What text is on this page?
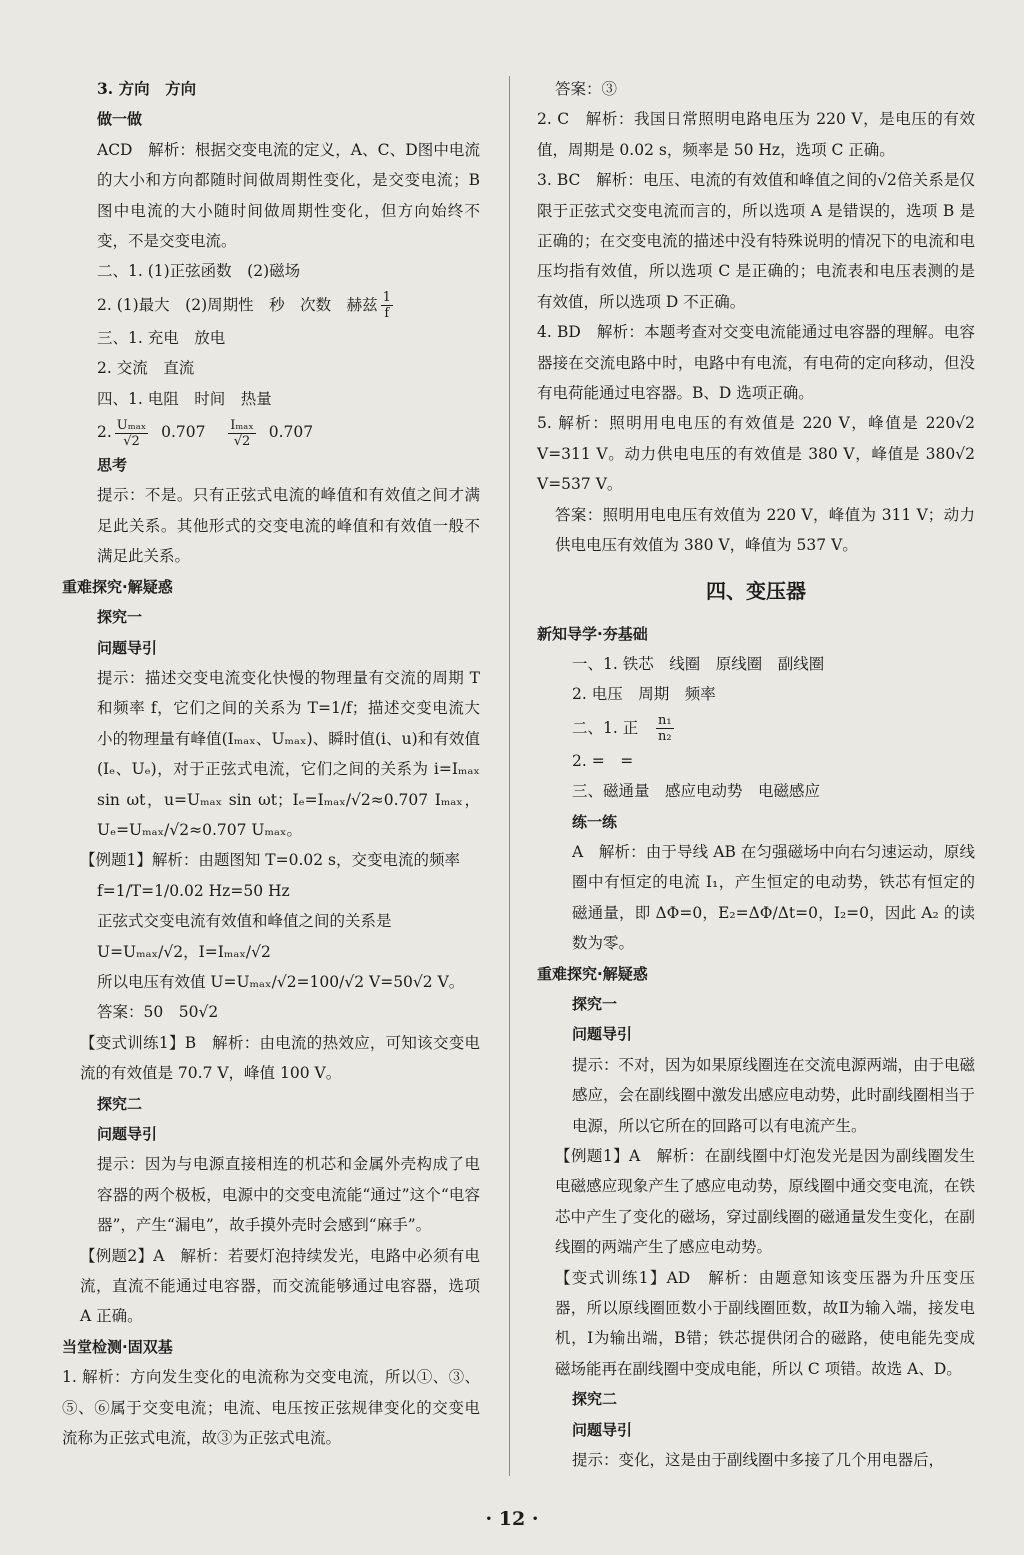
3. 方向　方向

做一做

ACD　解析：根据交变电流的定义，A、C、D图中电流的大小和方向都随时间做周期性变化，是交变电流；B图中电流的大小随时间做周期性变化，但方向始终不变，不是交变电流。

二、1. (1)正弦函数　(2)磁场

2. (1)最大　(2)周期性　秒　次数　赫兹 $\frac{1}{f}$

三、1. 充电　放电

2. 交流　直流

四、1. 电阻　时间　热量

2. $\frac{\text{Uₘₐₓ}}{√2} 0.707 \frac{\text{Iₘₐₓ}}{√2} 0.707$

思考

提示：不是。只有正弦式电流的峰值和有效值之间才满足此关系。其他形式的交变电流的峰值和有效值一般不满足此关系。

重难探究·解疑惑

探究一

问题导引

提示：描述交变电流变化快慢的物理量有交流的周期 T 和频率 f，它们之间的关系为 T=1/f；描述交变电流大小的物理量有峰值(Iₘₐₓ、Uₘₐₓ)、瞬时值(i、u)和有效值(Iₑ、Uₑ)，对于正弦式电流，它们之间的关系为 i=Iₘₐₓ sin ωt，u=Uₘₐₓ sin ωt；Iₑ=Iₘₐₓ/√2≈0.707 Iₘₐₓ，Uₑ=Uₘₐₓ/√2≈0.707 Uₘₐₓ。

【例题1】解析：由题图知 T=0.02 s，交变电流的频率

f=1/T=1/0.02 Hz=50 Hz

正弦式交变电流有效值和峰值之间的关系是

U=Uₘₐₓ/√2，I=Iₘₐₓ/√2

所以电压有效值 U=Uₘₐₓ/√2=100/√2 V=50√2 V。

答案：50　50√2

【变式训练1】B　解析：由电流的热效应，可知该交变电流的有效值是 70.7 V，峰值 100 V。

探究二

问题导引

提示：因为与电源直接相连的机芯和金属外壳构成了电容器的两个极板，电源中的交变电流能“通过”这个“电容器”，产生“漏电”，故手摸外壳时会感到“麻手”。

【例题2】A　解析：若要灯泡持续发光，电路中必须有电流，直流不能通过电容器，而交流能够通过电容器，选项 A 正确。

当堂检测·固双基

1. 解析：方向发生变化的电流称为交变电流，所以①、③、⑤、⑥属于交变电流；电流、电压按正弦规律变化的交变电流称为正弦式电流，故③为正弦式电流。

答案：③

2. C　解析：我国日常照明电路电压为 220 V，是电压的有效值，周期是 0.02 s，频率是 50 Hz，选项 C 正确。

3. BC　解析：电压、电流的有效值和峰值之间的√2倍关系是仅限于正弦式交变电流而言的，所以选项 A 是错误的，选项 B 是正确的；在交变电流的描述中没有特殊说明的情况下的电流和电压均指有效值，所以选项 C 是正确的；电流表和电压表测的是有效值，所以选项 D 不正确。

4. BD　解析：本题考查对交变电流能通过电容器的理解。电容器接在交流电路中时，电路中有电流，有电荷的定向移动，但没有电荷能通过电容器。B、D 选项正确。

5. 解析：照明用电电压的有效值是 220 V，峰值是 220√2 V=311 V。动力供电电压的有效值是 380 V，峰值是 380√2 V=537 V。

答案：照明用电电压有效值为 220 V，峰值为 311 V；动力供电电压有效值为 380 V，峰值为 537 V。

四、变压器

新知导学·夯基础

一、1. 铁芯　线圈　原线圈　副线圈

2. 电压　周期　频率

二、1. 正 $\frac{\text{n₁}}{\text{n₂}}$

2. =　=

三、磁通量　感应电动势　电磁感应

练一练

A　解析：由于导线 AB 在匀强磁场中向右匀速运动，原线圈中有恒定的电流 I₁，产生恒定的电动势，铁芯有恒定的磁通量，即 ΔΦ=0，E₂=ΔΦ/Δt=0，I₂=0，因此 A₂ 的读数为零。

重难探究·解疑惑

探究一

问题导引

提示：不对，因为如果原线圈连在交流电源两端，由于电磁感应，会在副线圈中激发出感应电动势，此时副线圈相当于电源，所以它所在的回路可以有电流产生。

【例题1】A　解析：在副线圈中灯泡发光是因为副线圈发生电磁感应现象产生了感应电动势，原线圈中通交变电流，在铁芯中产生了变化的磁场，穿过副线圈的磁通量发生变化，在副线圈的两端产生了感应电动势。

【变式训练1】AD　解析：由题意知该变压器为升压变压器，所以原线圈匝数小于副线圈匝数，故Ⅱ为输入端，接发电机，Ⅰ为输出端，B错；铁芯提供闭合的磁路，使电能先变成磁场能再在副线圈中变成电能，所以 C 项错。故选 A、D。

探究二

问题导引

提示：变化，这是由于副线圈中多接了几个用电器后，

· 12 ·
